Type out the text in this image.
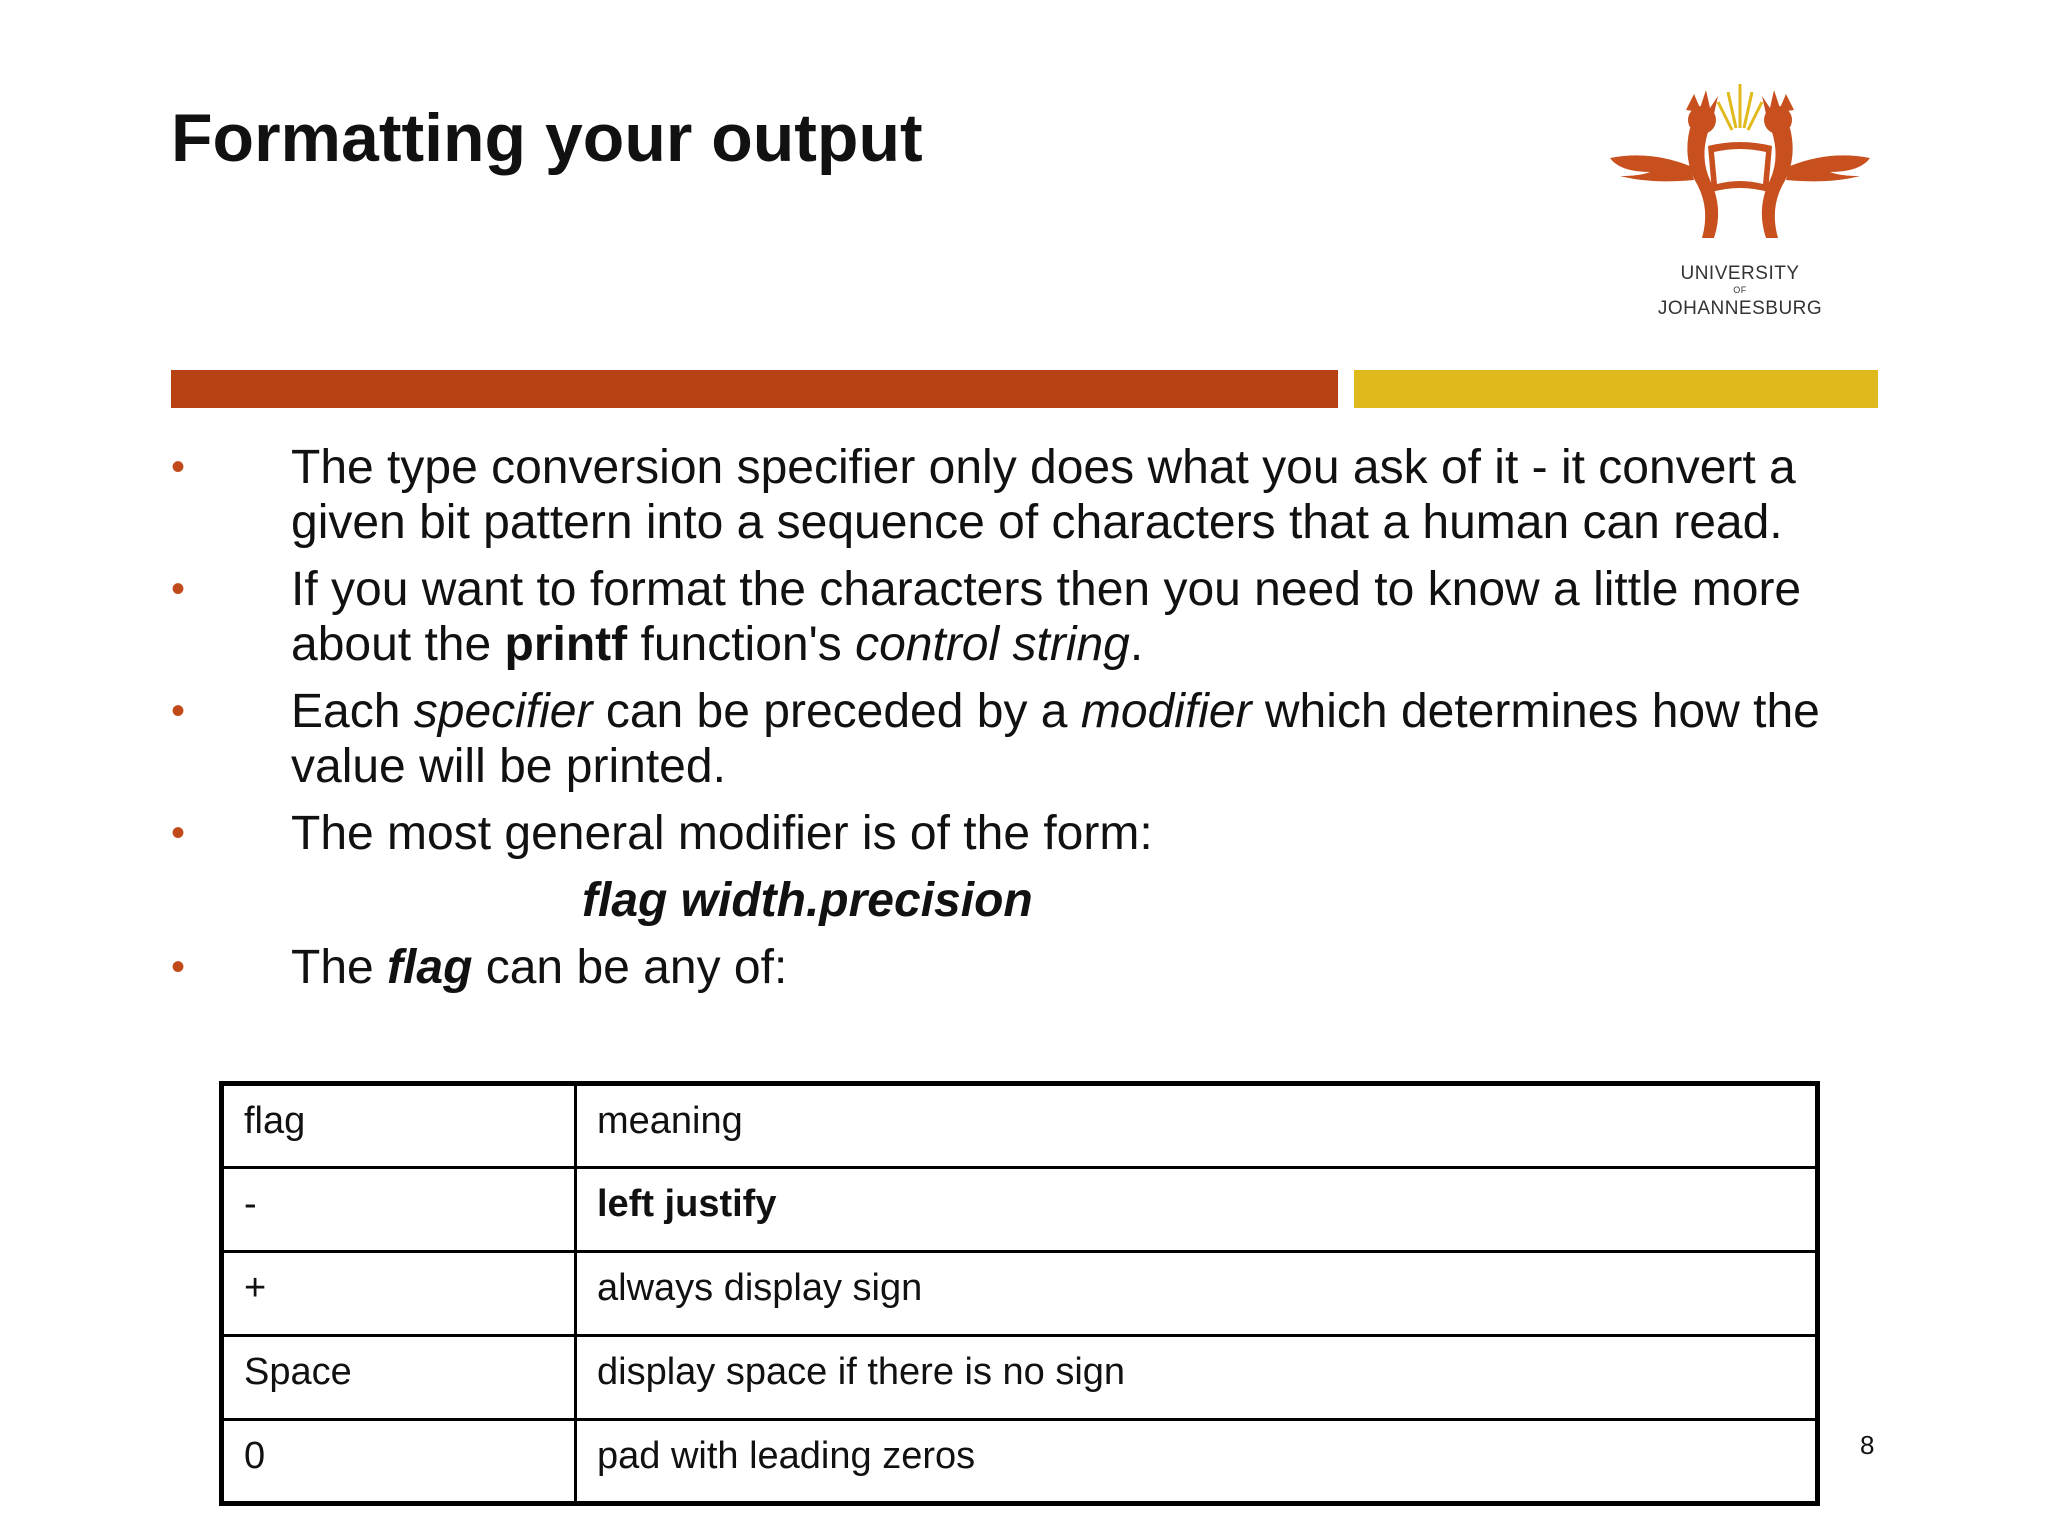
Formatting your output
UNIVERSITY
OF
JOHANNESBURG
• The type conversion specifier only does what you ask of it - it convert a given bit pattern into a sequence of characters that a human can read.
• If you want to format the characters then you need to know a little more about the printf function's control string.
• Each specifier can be preceded by a modifier which determines how the value will be printed.
• The most general modifier is of the form:
flag width.precision
• The flag can be any of:
flag	meaning
-	left justify
+	always display sign
Space	display space if there is no sign
0	pad with leading zeros	8
